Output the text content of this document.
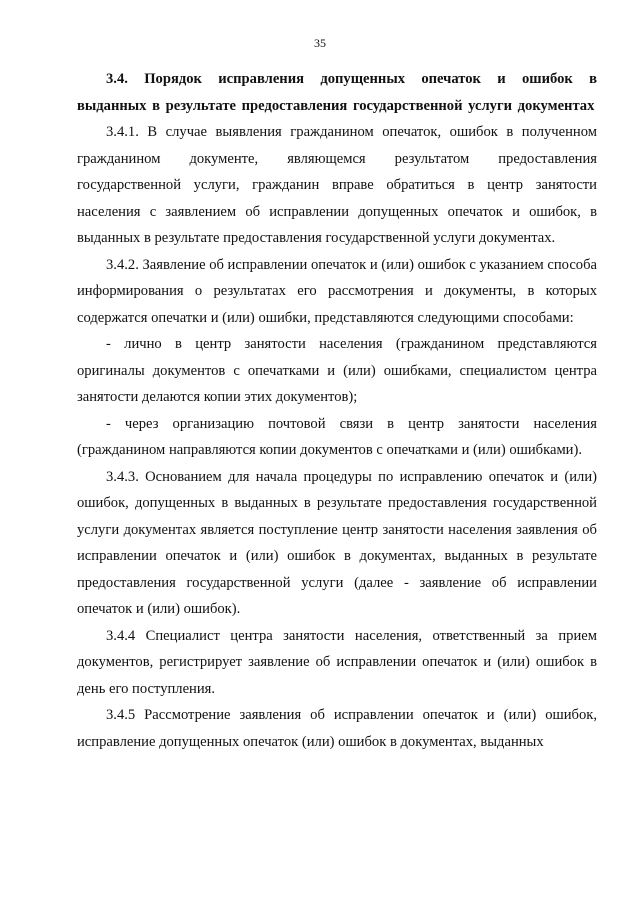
35

3.4. Порядок исправления допущенных опечаток и ошибок в выданных в результате предоставления государственной услуги документах

3.4.1. В случае выявления гражданином опечаток, ошибок в полученном гражданином документе, являющемся результатом предоставления государственной услуги, гражданин вправе обратиться в центр занятости населения с заявлением об исправлении допущенных опечаток и ошибок, в выданных в результате предоставления государственной услуги документах.

3.4.2. Заявление об исправлении опечаток и (или) ошибок с указанием способа информирования о результатах его рассмотрения и документы, в которых содержатся опечатки и (или) ошибки, представляются следующими способами:

- лично в центр занятости населения (гражданином представляются оригиналы документов с опечатками и (или) ошибками, специалистом центра занятости делаются копии этих документов);

- через организацию почтовой связи в центр занятости населения (гражданином направляются копии документов с опечатками и (или) ошибками).

3.4.3. Основанием для начала процедуры по исправлению опечаток и (или) ошибок, допущенных в выданных в результате предоставления государственной услуги документах является поступление центр занятости населения заявления об исправлении опечаток и (или) ошибок в документах, выданных в результате предоставления государственной услуги (далее - заявление об исправлении опечаток и (или) ошибок).

3.4.4 Специалист центра занятости населения, ответственный за прием документов, регистрирует заявление об исправлении опечаток и (или) ошибок в день его поступления.

3.4.5 Рассмотрение заявления об исправлении опечаток и (или) ошибок, исправление допущенных опечаток (или) ошибок в документах, выданных
